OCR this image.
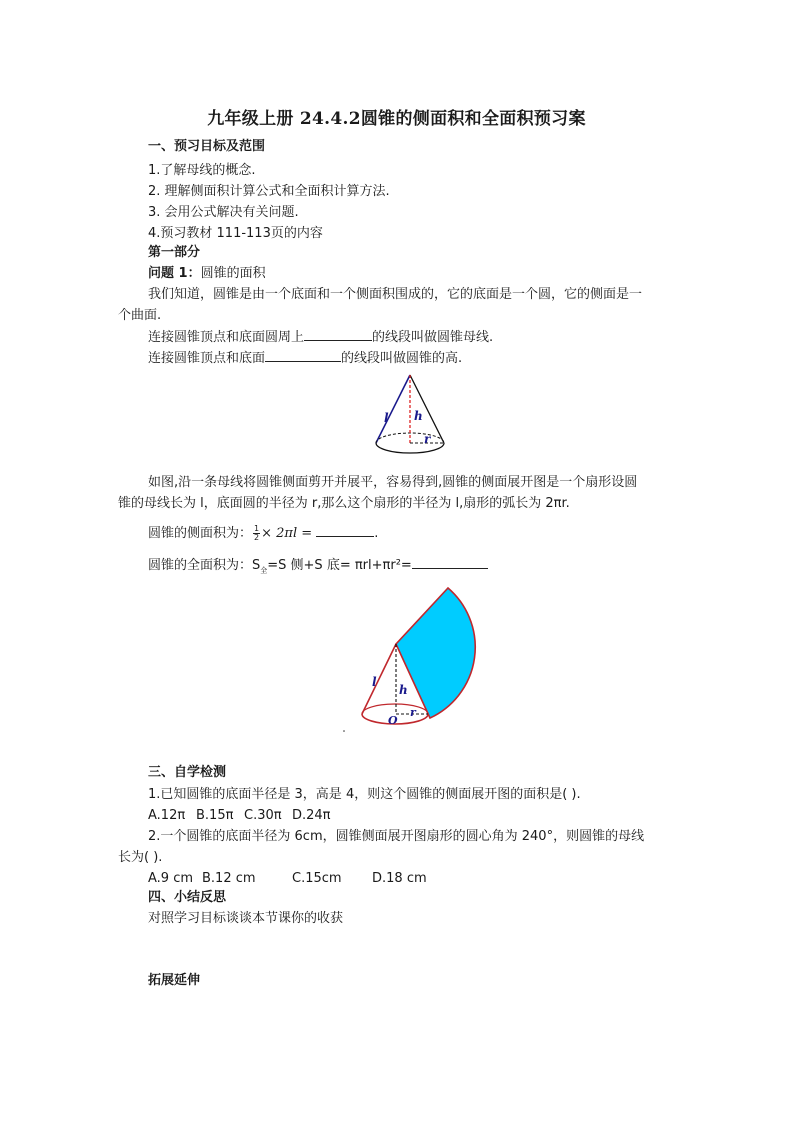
九年级上册 24.4.2圆锥的侧面积和全面积预习案
一、预习目标及范围
1.了解母线的概念.
2. 理解侧面积计算公式和全面积计算方法.
3. 会用公式解决有关问题.
4.预习教材 111-113页的内容
第一部分
问题 1：圆锥的面积
我们知道，圆锥是由一个底面和一个侧面积围成的，它的底面是一个圆，它的侧面是一
个曲面.
连接圆锥顶点和底面圆周上	的线段叫做圆锥母线.
连接圆锥顶点和底面	的线段叫做圆锥的高.
l h
r
如图,沿一条母线将圆锥侧面剪开并展平，容易得到,圆锥的侧面展开图是一个扇形设圆
锥的母线长为 l，底面圆的半径为 r,那么这个扇形的半径为 l,扇形的弧长为 2πr.
圆锥的侧面积为： $\frac{1}{2} \times 2\pi l$ =	.
圆锥的全面积为：$S_全=S$ 侧+S 底= πrl+πr²=
l
h
r
O
三、自学检测
1.已知圆锥的底面半径是 3，高是 4，则这个圆锥的侧面展开图的面积是( ).
A.12π B.15π C.30π D.24π
2.一个圆锥的底面半径为 6cm，圆锥侧面展开图扇形的圆心角为 240°，则圆锥的母线
长为( ).
A.9 cm B.12 cm	C.15cm D.18 cm
四、小结反思
对照学习目标谈谈本节课你的收获
拓展延伸
